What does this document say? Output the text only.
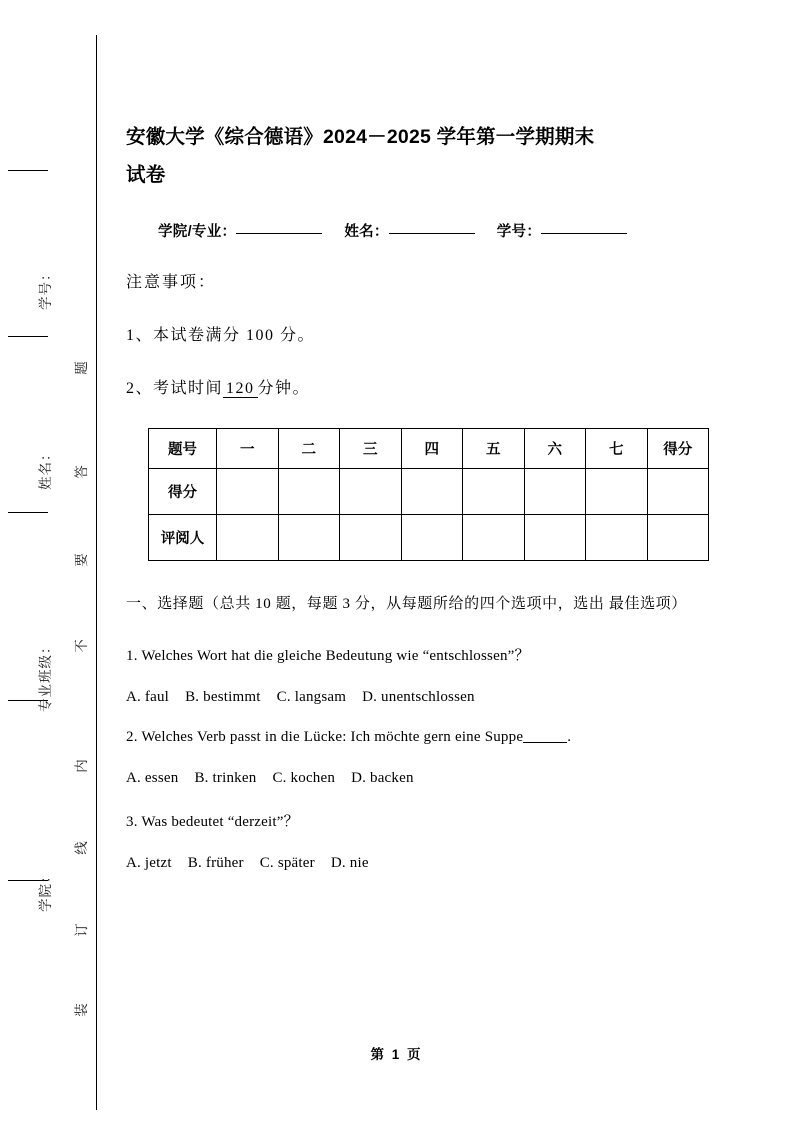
学号：
姓名：
专业班级：
学院：
题
答
要
不
内
线
订
装
安徽大学《综合德语》2024－2025 学年第一学期期末
试卷

学院/专业：	姓名：	学号：

注意事项：

1、本试卷满分 100 分。

2、考试时间 120 分钟。

题号	一	二	三	四	五	六	七	得分
得分								
评阅人								

一、选择题（总共 10 题，每题 3 分，从每题所给的四个选项中，选出 最佳选项）

1. Welches Wort hat die gleiche Bedeutung wie “entschlossen”？

A. faul B. bestimmt C. langsam D. unentschlossen

2. Welches Verb passt in die Lücke: Ich möchte gern eine Suppe	.

A. essen B. trinken C. kochen D. backen

3. Was bedeutet “derzeit”？

A. jetzt B. früher C. später D. nie

第 1 页
